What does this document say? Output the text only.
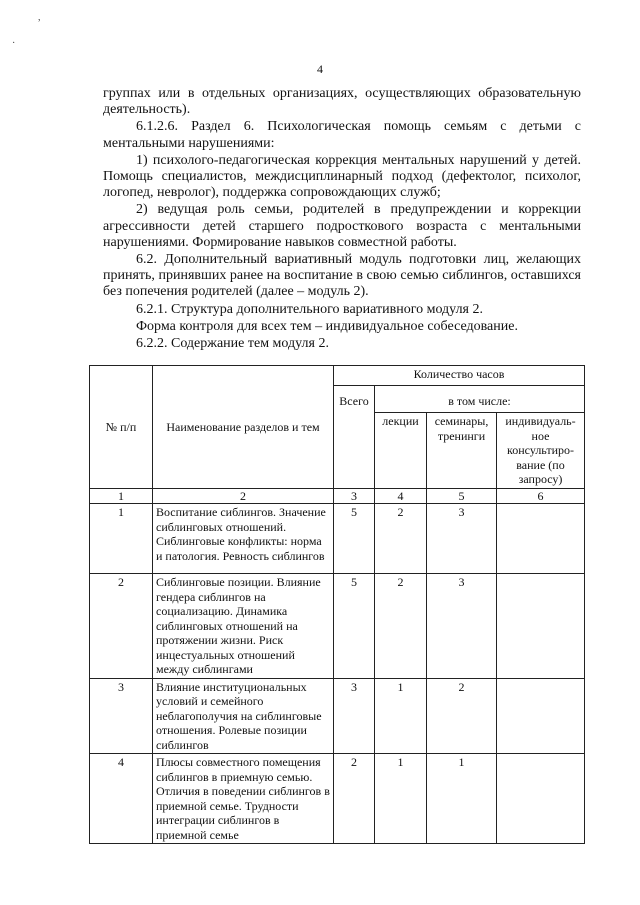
,
·
4

группах или в отдельных организациях, осуществляющих образовательную деятельность).

6.1.2.6. Раздел 6. Психологическая помощь семьям с детьми с ментальными нарушениями:

1) психолого-педагогическая коррекция ментальных нарушений у детей. Помощь специалистов, междисциплинарный подход (дефектолог, психолог, логопед, невролог), поддержка сопровождающих служб;

2) ведущая роль семьи, родителей в предупреждении и коррекции агрессивности детей старшего подросткового возраста с ментальными нарушениями. Формирование навыков совместной работы.

6.2. Дополнительный вариативный модуль подготовки лиц, желающих принять, принявших ранее на воспитание в свою семью сиблингов, оставшихся без попечения родителей (далее – модуль 2).

6.2.1. Структура дополнительного вариативного модуля 2.

Форма контроля для всех тем – индивидуальное собеседование.

6.2.2. Содержание тем модуля 2.

№ п/п	Наименование разделов и тем	Количество часов			
		Всего	в том числе:		
			лекции	семинары, тренинги	индивидуаль-ное консультиро-вание (по запросу)
1	2	3	4	5	6
1	Воспитание сиблингов. Значение сиблинговых отношений. Сиблинговые конфликты: норма и патология. Ревность сиблингов	5	2	3	
2	Сиблинговые позиции. Влияние гендера сиблингов на социализацию. Динамика сиблинговых отношений на протяжении жизни. Риск инцестуальных отношений между сиблингами	5	2	3	
3	Влияние институциональных условий и семейного неблагополучия на сиблинговые отношения. Ролевые позиции сиблингов	3	1	2	
4	Плюсы совместного помещения сиблингов в приемную семью. Отличия в поведении сиблингов в приемной семье. Трудности интеграции сиблингов в приемной семье	2	1	1	
